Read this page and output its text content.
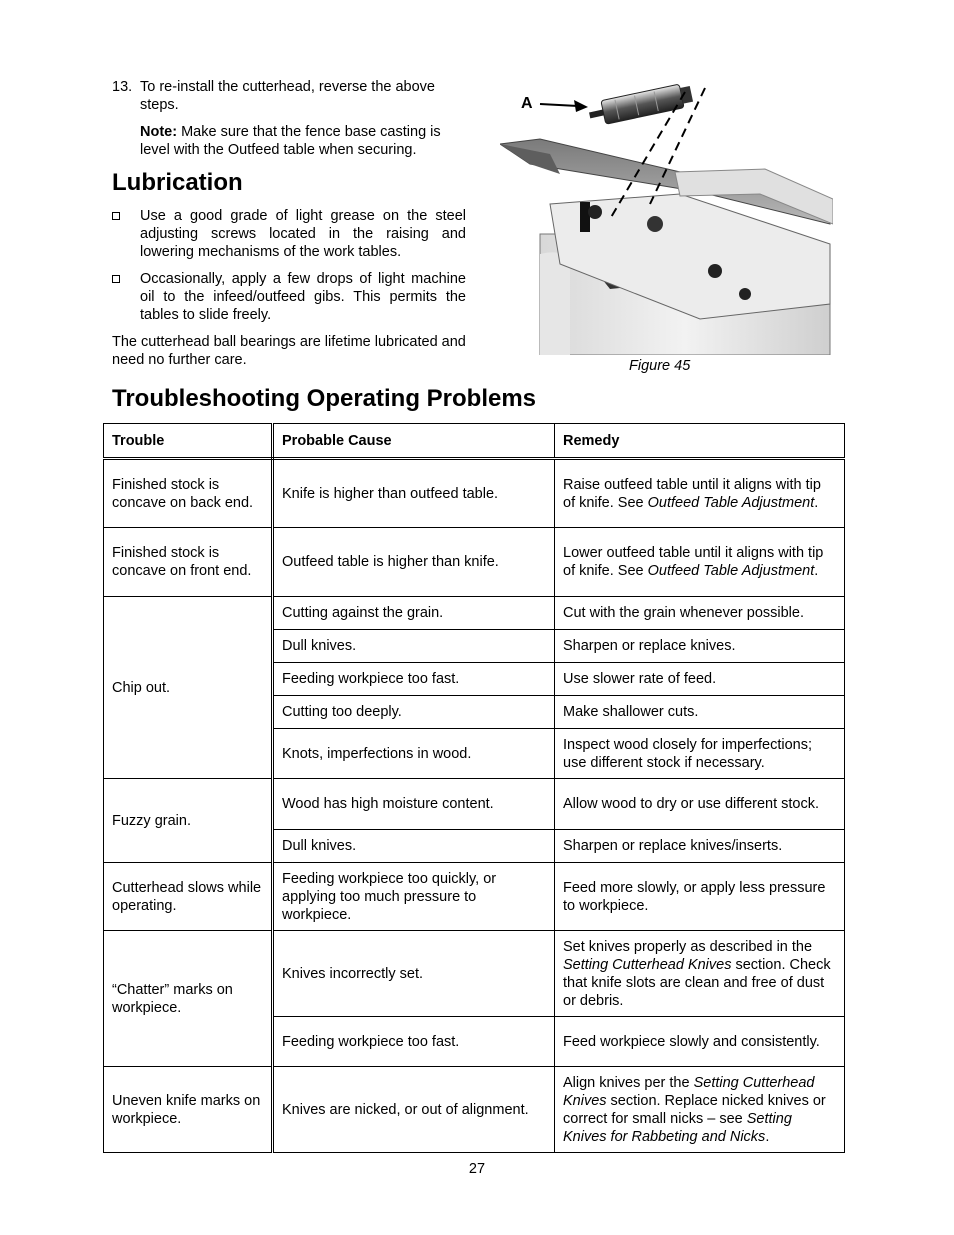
13. To re-install the cutterhead, reverse the above steps.
Note: Make sure that the fence base casting is level with the Outfeed table when securing.
Lubrication
Use a good grade of light grease on the steel adjusting screws located in the raising and lowering mechanisms of the work tables.
Occasionally, apply a few drops of light machine oil to the infeed/outfeed gibs. This permits the tables to slide freely.
The cutterhead ball bearings are lifetime lubricated and need no further care.
A
Figure 45
Troubleshooting Operating Problems
Trouble	Probable Cause	Remedy
Finished stock is concave on back end.	Knife is higher than outfeed table.	Raise outfeed table until it aligns with tip of knife. See Outfeed Table Adjustment.
Finished stock is concave on front end.	Outfeed table is higher than knife.	Lower outfeed table until it aligns with tip of knife. See Outfeed Table Adjustment.
Chip out.	Cutting against the grain.	Cut with the grain whenever possible.
	Dull knives.	Sharpen or replace knives.
	Feeding workpiece too fast.	Use slower rate of feed.
	Cutting too deeply.	Make shallower cuts.
	Knots, imperfections in wood.	Inspect wood closely for imperfections; use different stock if necessary.
Fuzzy grain.	Wood has high moisture content.	Allow wood to dry or use different stock.
	Dull knives.	Sharpen or replace knives/inserts.
Cutterhead slows while operating.	Feeding workpiece too quickly, or applying too much pressure to workpiece.	Feed more slowly, or apply less pressure to workpiece.
“Chatter” marks on workpiece.	Knives incorrectly set.	Set knives properly as described in the Setting Cutterhead Knives section. Check that knife slots are clean and free of dust or debris.
	Feeding workpiece too fast.	Feed workpiece slowly and consistently.
Uneven knife marks on workpiece.	Knives are nicked, or out of alignment.	Align knives per the Setting Cutterhead Knives section. Replace nicked knives or correct for small nicks – see Setting Knives for Rabbeting and Nicks.
27
